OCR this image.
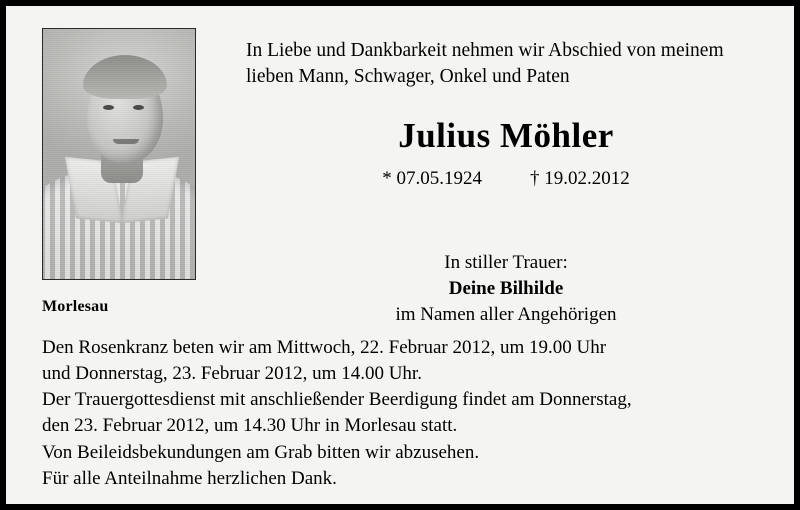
Morlesau
In Liebe und Dankbarkeit nehmen wir Abschied von meinem
lieben Mann, Schwager, Onkel und Paten
Julius Möhler
* 07.05.1924	† 19.02.2012
In stiller Trauer:
Deine Bilhilde
im Namen aller Angehörigen

Den Rosenkranz beten wir am Mittwoch, 22. Februar 2012, um 19.00 Uhr

und Donnerstag, 23. Februar 2012, um 14.00 Uhr.

Der Trauergottesdienst mit anschließender Beerdigung findet am Donnerstag,

den 23. Februar 2012, um 14.30 Uhr in Morlesau statt.

Von Beileidsbekundungen am Grab bitten wir abzusehen.

Für alle Anteilnahme herzlichen Dank.
